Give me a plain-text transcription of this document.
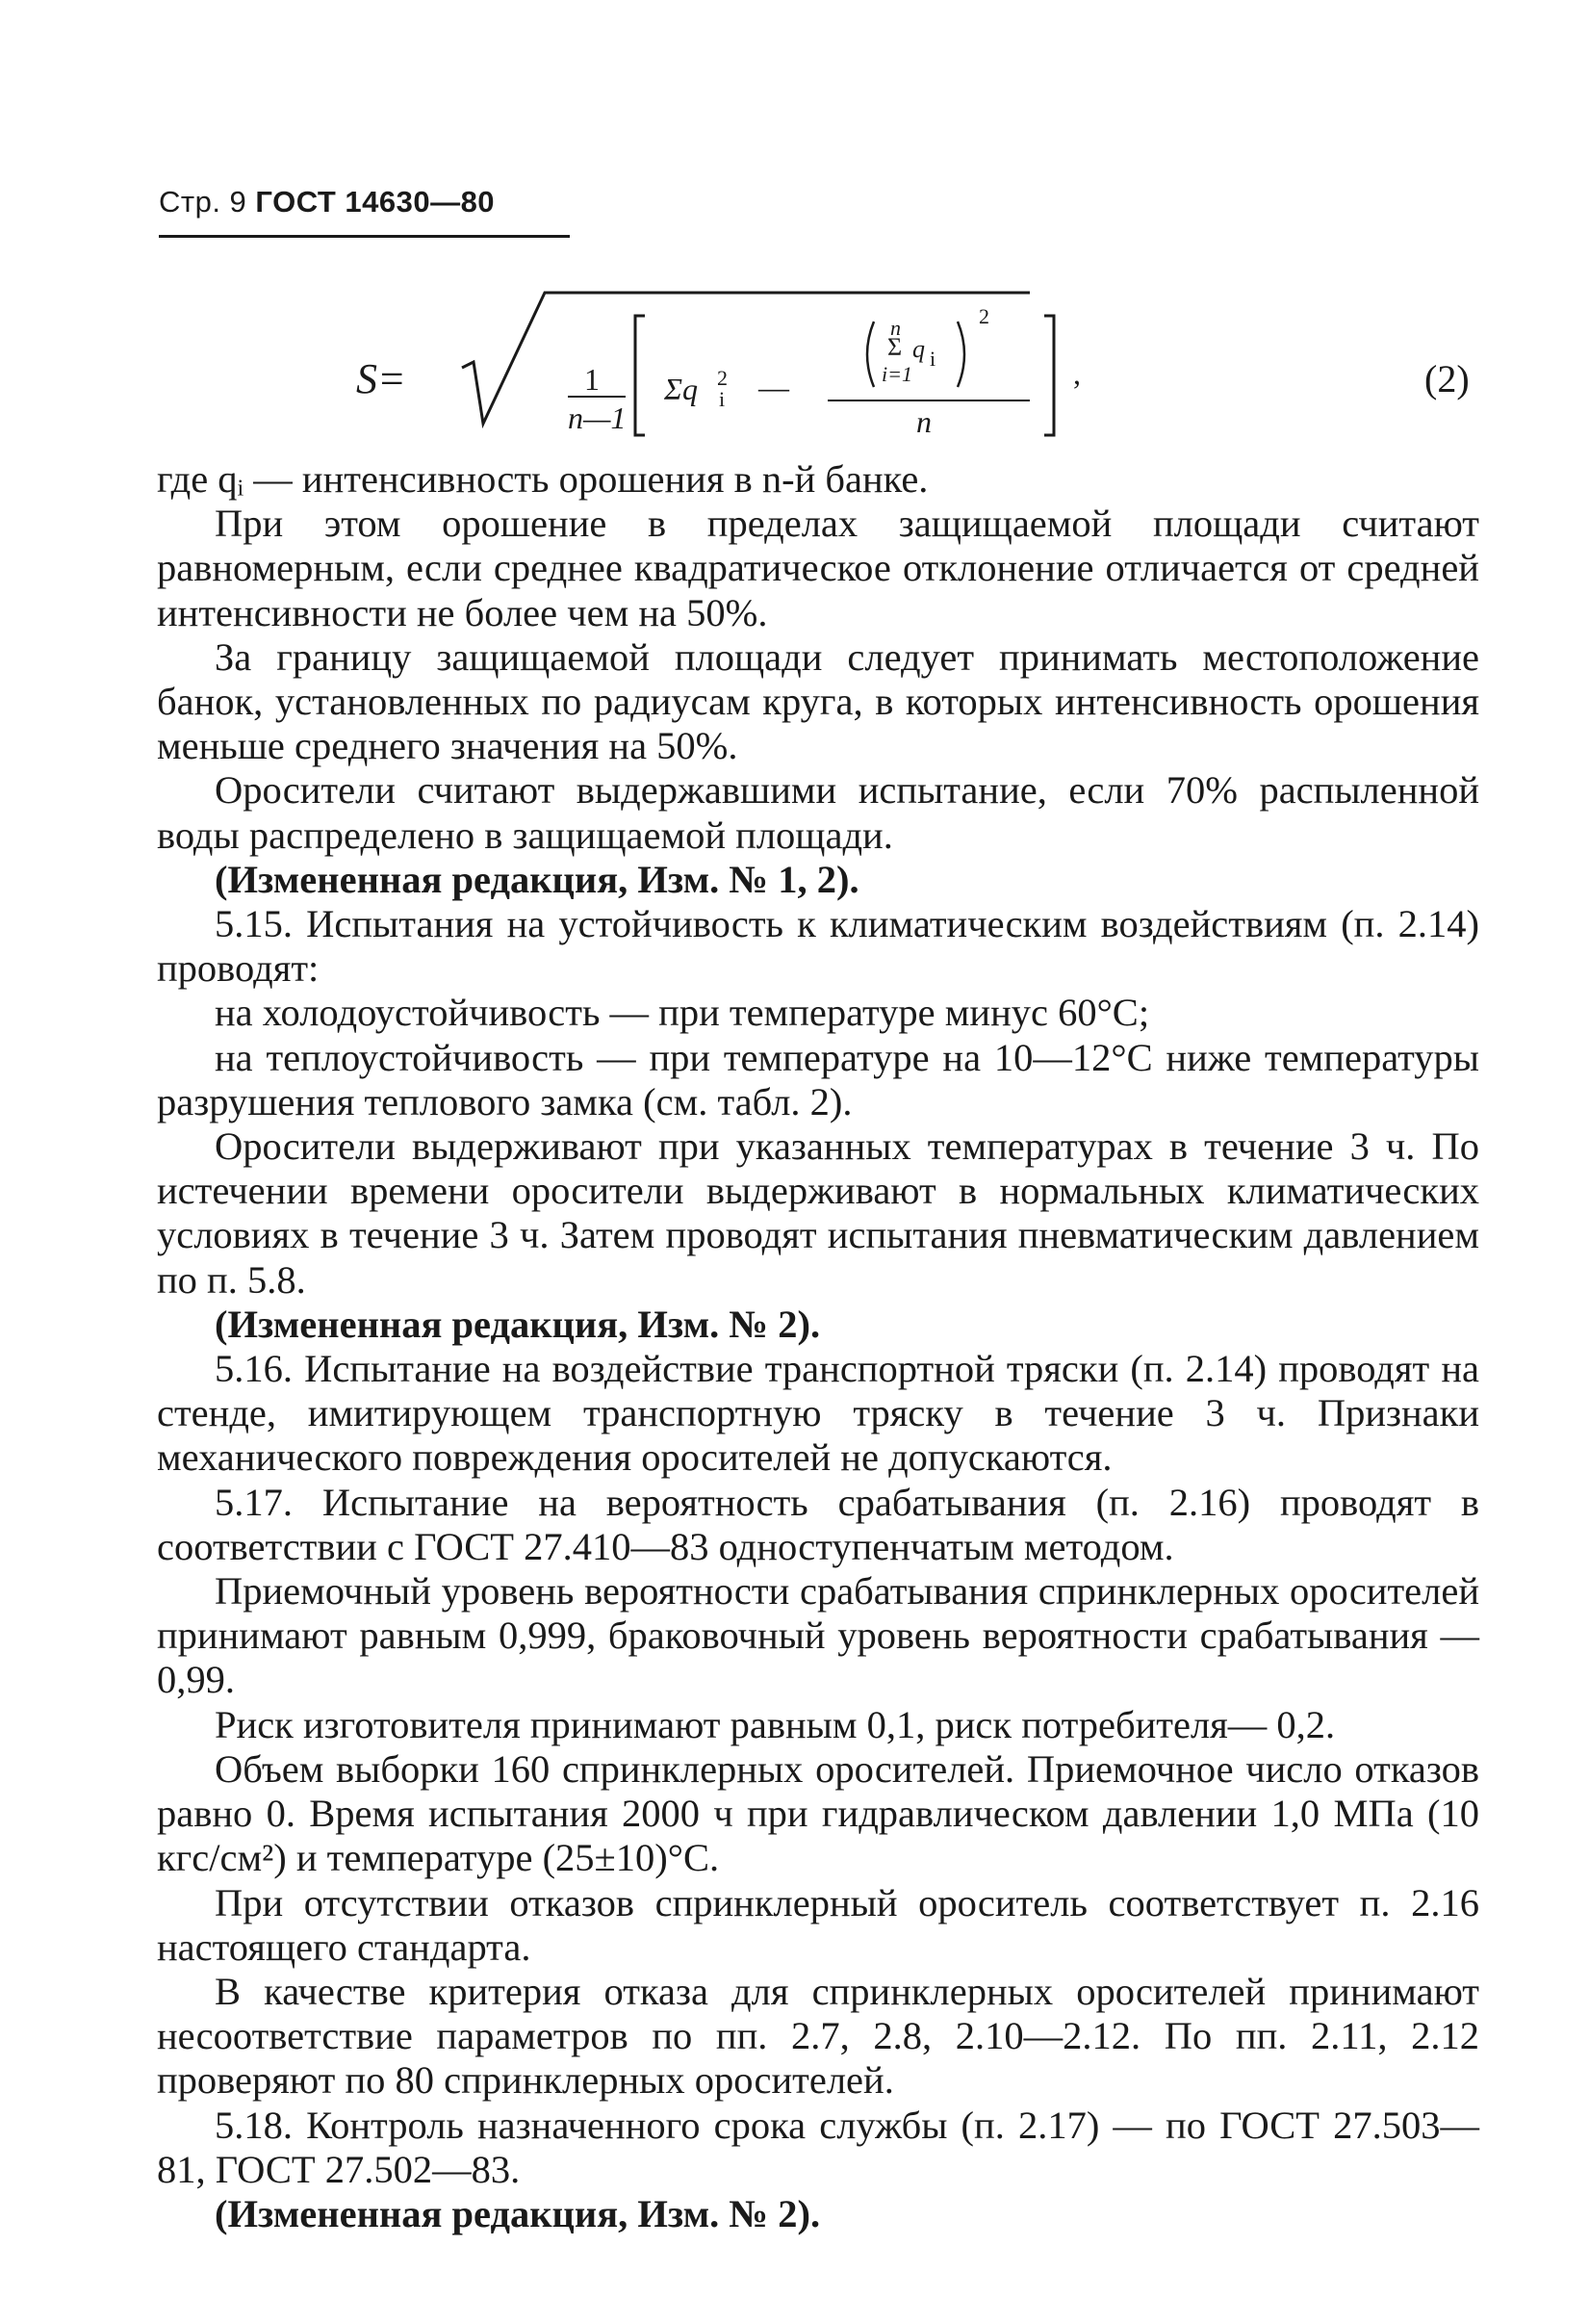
Стр. 9 ГОСТ 14630—80
S=	1
n—1
Σq 2
i —
n
Σ q i
i=1
2
n
,	(2)

где qᵢ — интенсивность орошения в n-й банке.

При этом орошение в пределах защищаемой площади считают равномерным, если среднее квадратическое отклонение отличается от средней интенсивности не более чем на 50%.

За границу защищаемой площади следует принимать местоположение банок, установленных по радиусам круга, в которых интенсивность орошения меньше среднего значения на 50%.

Оросители считают выдержавшими испытание, если 70% распыленной воды распределено в защищаемой площади.

(Измененная редакция, Изм. № 1, 2).

5.15. Испытания на устойчивость к климатическим воздействиям (п. 2.14) проводят:

на холодоустойчивость — при температуре минус 60°С;

на теплоустойчивость — при температуре на 10—12°С ниже температуры разрушения теплового замка (см. табл. 2).

Оросители выдерживают при указанных температурах в течение 3 ч. По истечении времени оросители выдерживают в нормальных климатических условиях в течение 3 ч. Затем проводят испытания пневматическим давлением по п. 5.8.

(Измененная редакция, Изм. № 2).

5.16. Испытание на воздействие транспортной тряски (п. 2.14) проводят на стенде, имитирующем транспортную тряску в течение 3 ч. Признаки механического повреждения оросителей не допускаются.

5.17. Испытание на вероятность срабатывания (п. 2.16) проводят в соответствии с ГОСТ 27.410—83 одноступенчатым методом.

Приемочный уровень вероятности срабатывания спринклерных оросителей принимают равным 0,999, браковочный уровень вероятности срабатывания — 0,99.

Риск изготовителя принимают равным 0,1, риск потребителя— 0,2.

Объем выборки 160 спринклерных оросителей. Приемочное число отказов равно 0. Время испытания 2000 ч при гидравлическом давлении 1,0 МПа (10 кгс/см²) и температуре (25±10)°С.

При отсутствии отказов спринклерный ороситель соответствует п. 2.16 настоящего стандарта.

В качестве критерия отказа для спринклерных оросителей принимают несоответствие параметров по пп. 2.7, 2.8, 2.10—2.12. По пп. 2.11, 2.12 проверяют по 80 спринклерных оросителей.

5.18. Контроль назначенного срока службы (п. 2.17) — по ГОСТ 27.503—81, ГОСТ 27.502—83.

(Измененная редакция, Изм. № 2).
